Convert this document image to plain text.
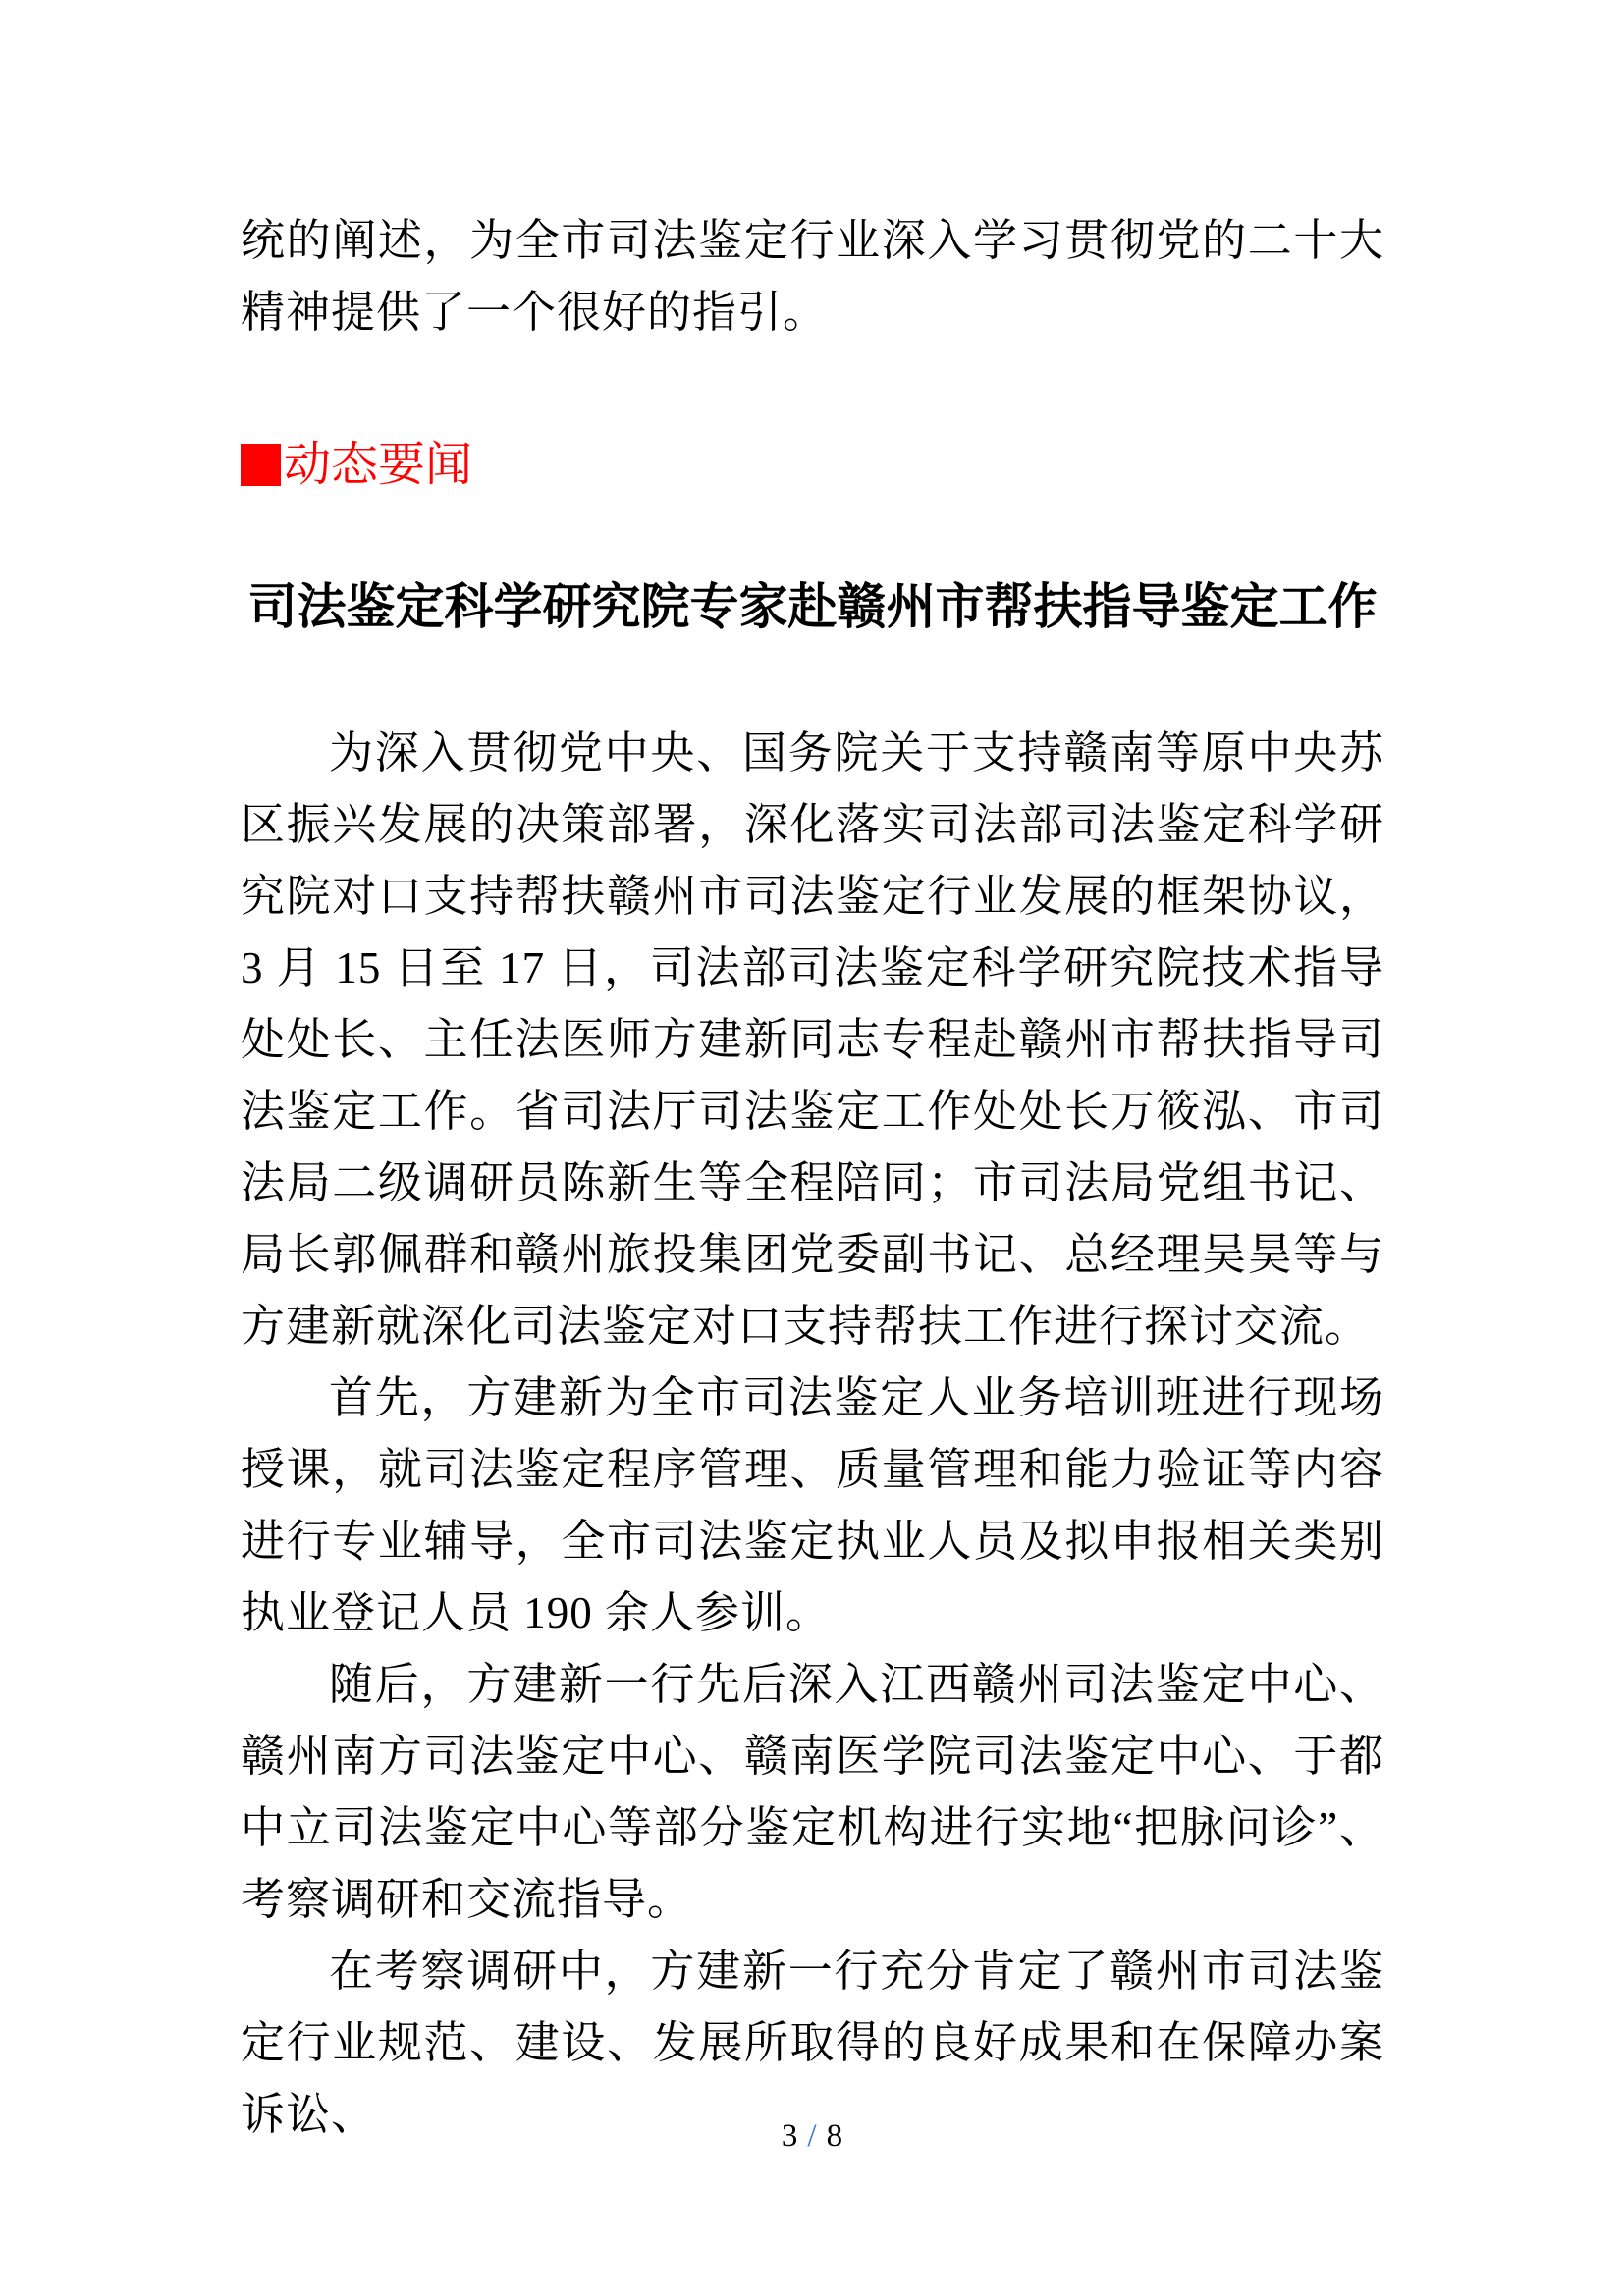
统的阐述，为全市司法鉴定行业深入学习贯彻党的二十大精神提供了一个很好的指引。

动态要闻
司法鉴定科学研究院专家赴赣州市帮扶指导鉴定工作

为深入贯彻党中央、国务院关于支持赣南等原中央苏区振兴发展的决策部署，深化落实司法部司法鉴定科学研究院对口支持帮扶赣州市司法鉴定行业发展的框架协议，3 月 15 日至 17 日，司法部司法鉴定科学研究院技术指导处处长、主任法医师方建新同志专程赴赣州市帮扶指导司法鉴定工作。省司法厅司法鉴定工作处处长万筱泓、市司法局二级调研员陈新生等全程陪同；市司法局党组书记、局长郭佩群和赣州旅投集团党委副书记、总经理吴昊等与方建新就深化司法鉴定对口支持帮扶工作进行探讨交流。

首先，方建新为全市司法鉴定人业务培训班进行现场授课，就司法鉴定程序管理、质量管理和能力验证等内容进行专业辅导，全市司法鉴定执业人员及拟申报相关类别执业登记人员 190 余人参训。

随后，方建新一行先后深入江西赣州司法鉴定中心、赣州南方司法鉴定中心、赣南医学院司法鉴定中心、于都中立司法鉴定中心等部分鉴定机构进行实地“把脉问诊”、考察调研和交流指导。

在考察调研中，方建新一行充分肯定了赣州市司法鉴定行业规范、建设、发展所取得的良好成果和在保障办案诉讼、	3 / 8
